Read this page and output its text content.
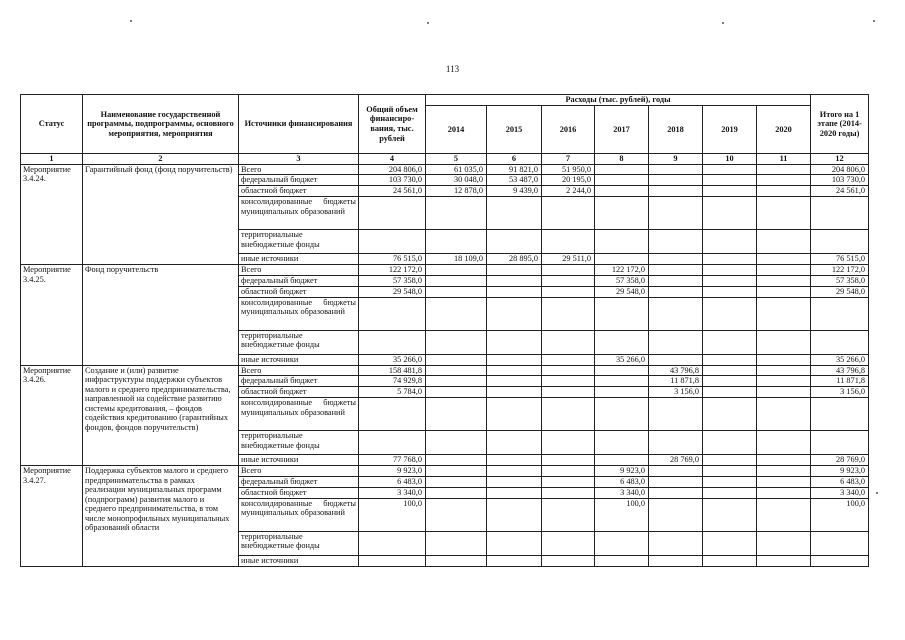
113
Статус	Наименование государственной программы, подпрограммы, основного мероприятия, мероприятия	Источники финансирования	Общий объем финансиро-вания, тыс. рублей	Расходы (тыс. рублей), годы							Итого на 1 этапе (2014-2020 годы)
				2014	2015	2016	2017	2018	2019	2020	
1	2	3	4	5	6	7	8	9	10	11	12
Мероприятие 3.4.24.	Гарантийный фонд (фонд поручительств)	Всего	204 806,0	61 035,0	91 821,0	51 950,0					204 806,0
		федеральный бюджет	103 730,0	30 048,0	53 487,0	20 195,0					103 730,0
		областной бюджет	24 561,0	12 878,0	9 439,0	2 244,0					24 561,0
		консолидированные бюджеты муниципальных образований									
		территориальные внебюджетные фонды									
		иные источники	76 515,0	18 109,0	28 895,0	29 511,0					76 515,0
Мероприятие 3.4.25.	Фонд поручительств	Всего	122 172,0				122 172,0				122 172,0
		федеральный бюджет	57 358,0				57 358,0				57 358,0
		областной бюджет	29 548,0				29 548,0				29 548,0
		консолидированные бюджеты муниципальных образований									
		территориальные внебюджетные фонды									
		иные источники	35 266,0				35 266,0				35 266,0
Мероприятие 3.4.26.	Создание и (или) развитие инфраструктуры поддержки субъектов малого и среднего предпринимательства, направленной на содействие развитию системы кредитования, – фондов содействия кредитованию (гарантийных фондов, фондов поручительств)	Всего	158 481,8					43 796,8			43 796,8
		федеральный бюджет	74 929,8					11 871,8			11 871,8
		областной бюджет	5 784,0					3 156,0			3 156,0
		консолидированные бюджеты муниципальных образований									
		территориальные внебюджетные фонды									
		иные источники	77 768,0					28 769,0			28 769,0
Мероприятие 3.4.27.	Поддержка субъектов малого и среднего предпринимательства в рамках реализации муниципальных программ (подпрограмм) развития малого и среднего предпринимательства, в том числе монопрофильных муниципальных образований области	Всего	9 923,0				9 923,0				9 923,0
		федеральный бюджет	6 483,0				6 483,0				6 483,0
		областной бюджет	3 340,0				3 340,0				3 340,0
		консолидированные бюджеты муниципальных образований	100,0				100,0				100,0
		территориальные внебюджетные фонды									
		иные источники									
